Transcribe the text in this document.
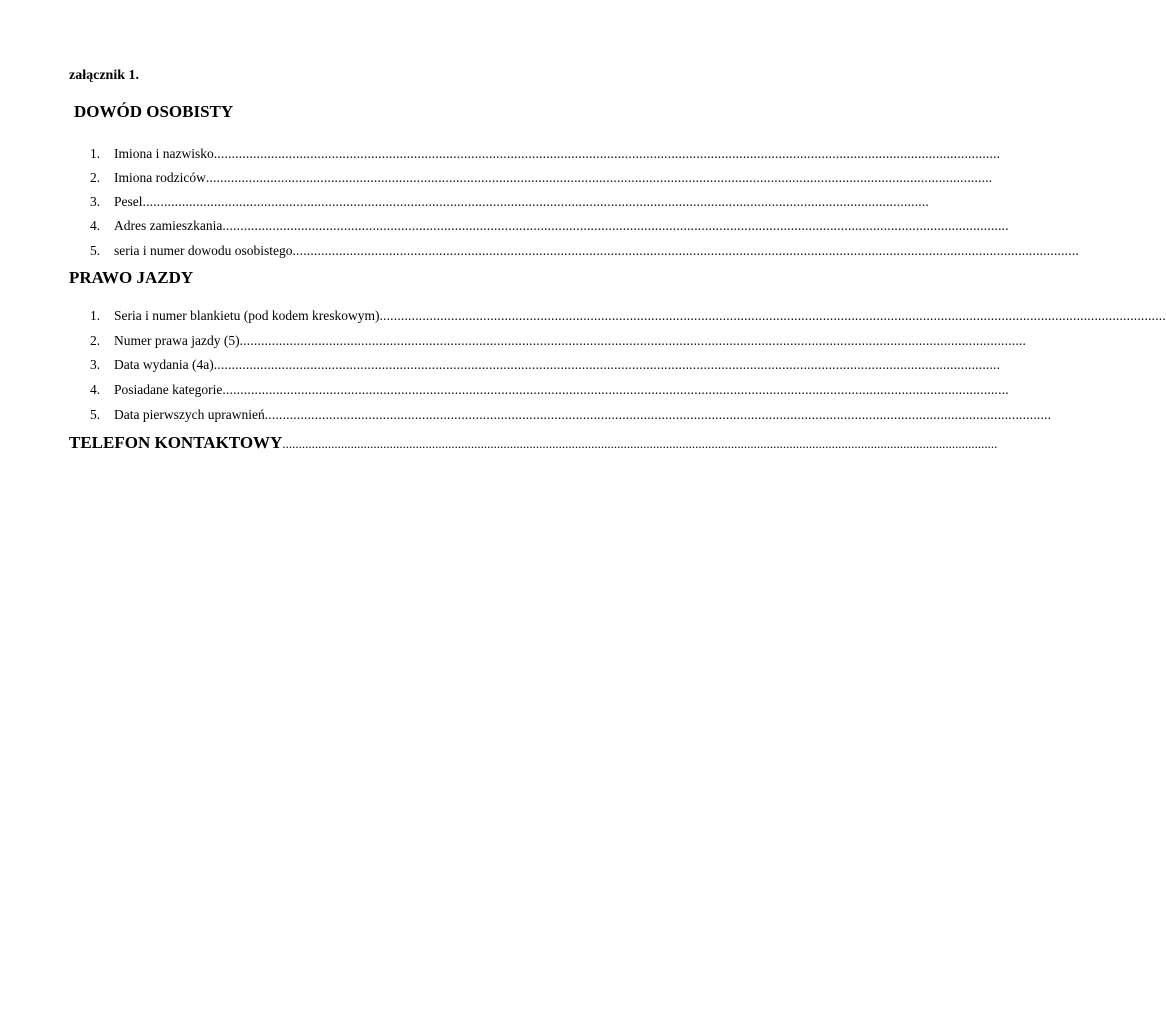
załącznik 1.
DOWÓD OSOBISTY
1.	Imiona i nazwisko............................................................................................................................................................................................................................
2.	Imiona rodziców............................................................................................................................................................................................................................
3.	Pesel............................................................................................................................................................................................................................
4.	Adres zamieszkania............................................................................................................................................................................................................................
5.	seria i numer dowodu osobistego............................................................................................................................................................................................................................
PRAWO JAZDY
1.	Seria i numer blankietu (pod kodem kreskowym)............................................................................................................................................................................................................................
2.	Numer prawa jazdy (5)............................................................................................................................................................................................................................
3.	Data wydania (4a)............................................................................................................................................................................................................................
4.	Posiadane kategorie............................................................................................................................................................................................................................
5.	Data pierwszych uprawnień............................................................................................................................................................................................................................
TELEFON KONTAKTOWY............................................................................................................................................................................................................................
